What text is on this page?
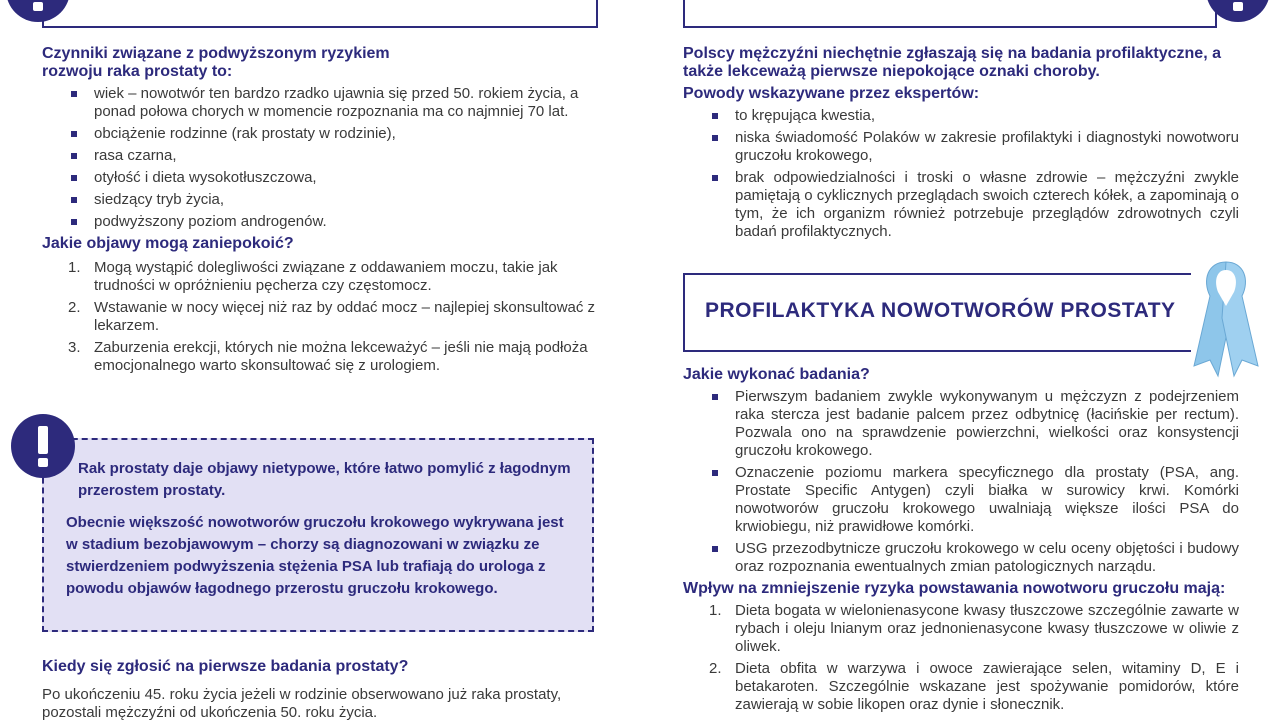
Czynniki związane z podwyższonym ryzykiem
rozwoju raka prostaty to:
wiek – nowotwór ten bardzo rzadko ujawnia się przed 50. rokiem życia, a ponad połowa chorych w momencie rozpoznania ma co najmniej 70 lat.
obciążenie rodzinne (rak prostaty w rodzinie),
rasa czarna,
otyłość i dieta wysokotłuszczowa,
siedzący tryb życia,
podwyższony poziom androgenów.
Jakie objawy mogą zaniepokoić?
1. Mogą wystąpić dolegliwości związane z oddawaniem moczu, takie jak trudności w opróżnieniu pęcherza czy częstomocz.
2. Wstawanie w nocy więcej niż raz by oddać mocz – najlepiej skonsultować z lekarzem.
3. Zaburzenia erekcji, których nie można lekceważyć – jeśli nie mają podłoża emocjonalnego warto skonsultować się z urologiem.

Rak prostaty daje objawy nietypowe, które łatwo pomylić z łagodnym przerostem prostaty.

Obecnie większość nowotworów gruczołu krokowego wykrywana jest w stadium bezobjawowym – chorzy są diagnozowani w związku ze stwierdzeniem podwyższenia stężenia PSA lub trafiają do urologa z powodu objawów łagodnego przerostu gruczołu krokowego.

Kiedy się zgłosić na pierwsze badania prostaty?

Po ukończeniu 45. roku życia jeżeli w rodzinie obserwowano już raka prostaty, pozostali mężczyźni od ukończenia 50. roku życia.

Polscy mężczyźni niechętnie zgłaszają się na badania profilaktyczne, a także lekceważą pierwsze niepokojące oznaki choroby.
Powody wskazywane przez ekspertów:
to krępująca kwestia,
niska świadomość Polaków w zakresie profilaktyki i diagnostyki nowotworu gruczołu krokowego,
brak odpowiedzialności i troski o własne zdrowie – mężczyźni zwykle pamiętają o cyklicznych przeglądach swoich czterech kółek, a zapominają o tym, że ich organizm również potrzebuje przeglądów zdrowotnych czyli badań profilaktycznych.
PROFILAKTYKA NOWOTWORÓW PROSTATY
Jakie wykonać badania?
Pierwszym badaniem zwykle wykonywanym u mężczyzn z podejrzeniem raka stercza jest badanie palcem przez odbytnicę (łacińskie per rectum). Pozwala ono na sprawdzenie powierzchni, wielkości oraz konsystencji gruczołu krokowego.
Oznaczenie poziomu markera specyficznego dla prostaty (PSA, ang. Prostate Specific Antygen) czyli białka w surowicy krwi. Komórki nowotworów gruczołu krokowego uwalniają większe ilości PSA do krwiobiegu, niż prawidłowe komórki.
USG przezodbytnicze gruczołu krokowego w celu oceny objętości i budowy oraz rozpoznania ewentualnych zmian patologicznych narządu.
Wpływ na zmniejszenie ryzyka powstawania nowotworu gruczołu mają:
1. Dieta bogata w wielonienasycone kwasy tłuszczowe szczególnie zawarte w rybach i oleju lnianym oraz jednonienasycone kwasy tłuszczowe w oliwie z oliwek.
2. Dieta obfita w warzywa i owoce zawierające selen, witaminy D, E i betakaroten. Szczególnie wskazane jest spożywanie pomidorów, które zawierają w sobie likopen oraz dynie i słonecznik.
